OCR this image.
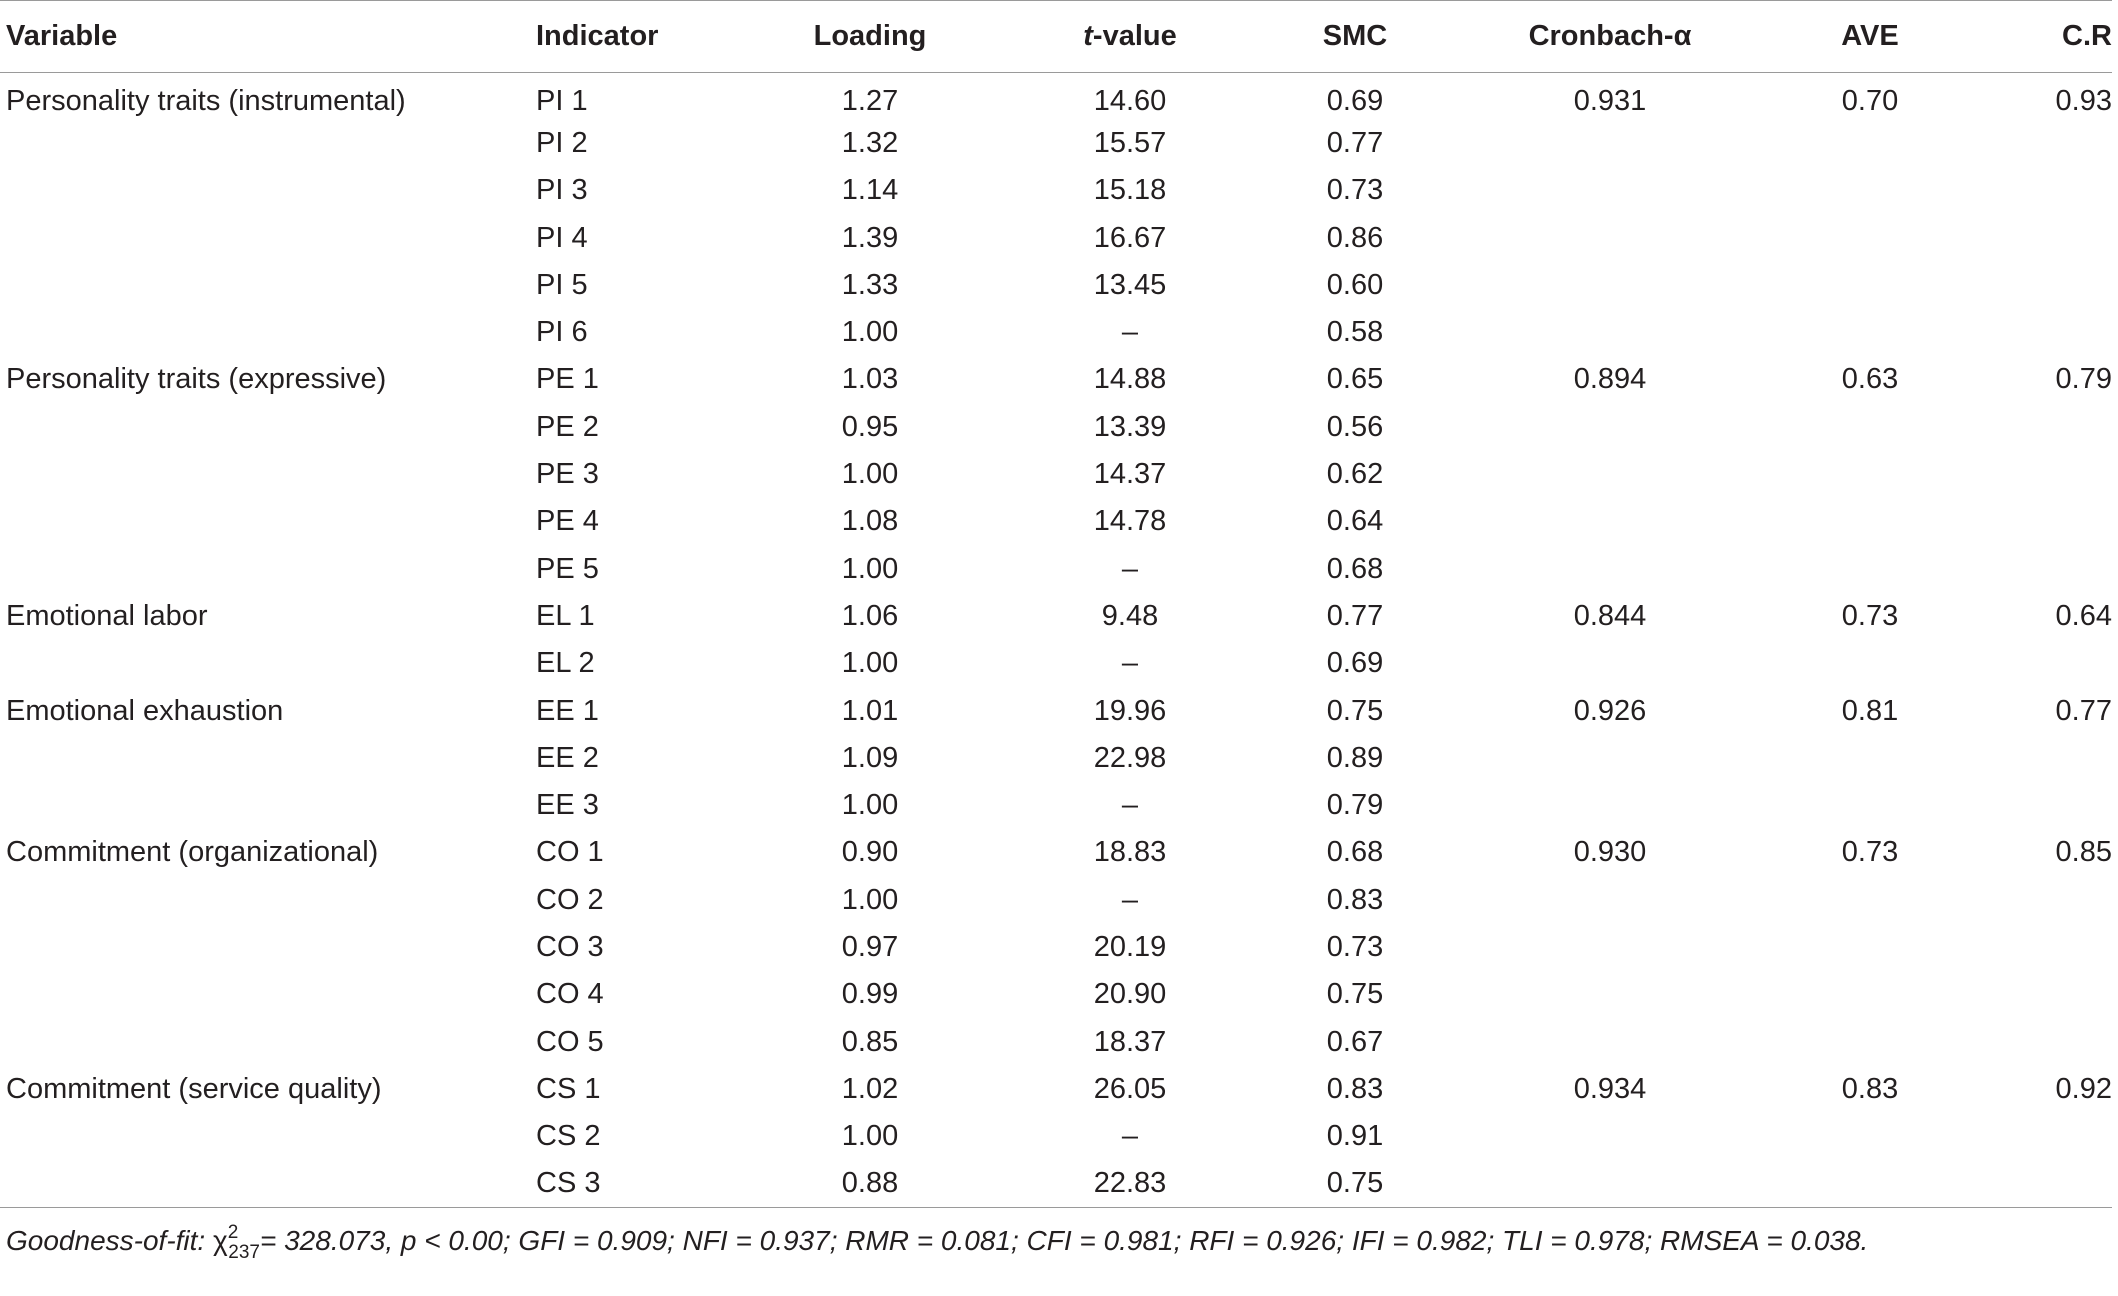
Variable	Indicator	Loading	t-value	SMC	Cronbach-α	AVE	C.R
Personality traits (instrumental)	PI 1	1.27	14.60	0.69	0.931	0.70	0.93
	PI 2	1.32	15.57	0.77			
	PI 3	1.14	15.18	0.73			
	PI 4	1.39	16.67	0.86			
	PI 5	1.33	13.45	0.60			
	PI 6	1.00	–	0.58			
Personality traits (expressive)	PE 1	1.03	14.88	0.65	0.894	0.63	0.79
	PE 2	0.95	13.39	0.56			
	PE 3	1.00	14.37	0.62			
	PE 4	1.08	14.78	0.64			
	PE 5	1.00	–	0.68			
Emotional labor	EL 1	1.06	9.48	0.77	0.844	0.73	0.64
	EL 2	1.00	–	0.69			
Emotional exhaustion	EE 1	1.01	19.96	0.75	0.926	0.81	0.77
	EE 2	1.09	22.98	0.89			
	EE 3	1.00	–	0.79			
Commitment (organizational)	CO 1	0.90	18.83	0.68	0.930	0.73	0.85
	CO 2	1.00	–	0.83			
	CO 3	0.97	20.19	0.73			
	CO 4	0.99	20.90	0.75			
	CO 5	0.85	18.37	0.67			
Commitment (service quality)	CS 1	1.02	26.05	0.83	0.934	0.83	0.92
	CS 2	1.00	–	0.91			
	CS 3	0.88	22.83	0.75			
Goodness-of-fit: $\chi^2_{237}= 328.073$, p < 0.00; GFI = 0.909; NFI = 0.937; RMR = 0.081; CFI = 0.981; RFI = 0.926; IFI = 0.982; TLI = 0.978; RMSEA = 0.038.							
